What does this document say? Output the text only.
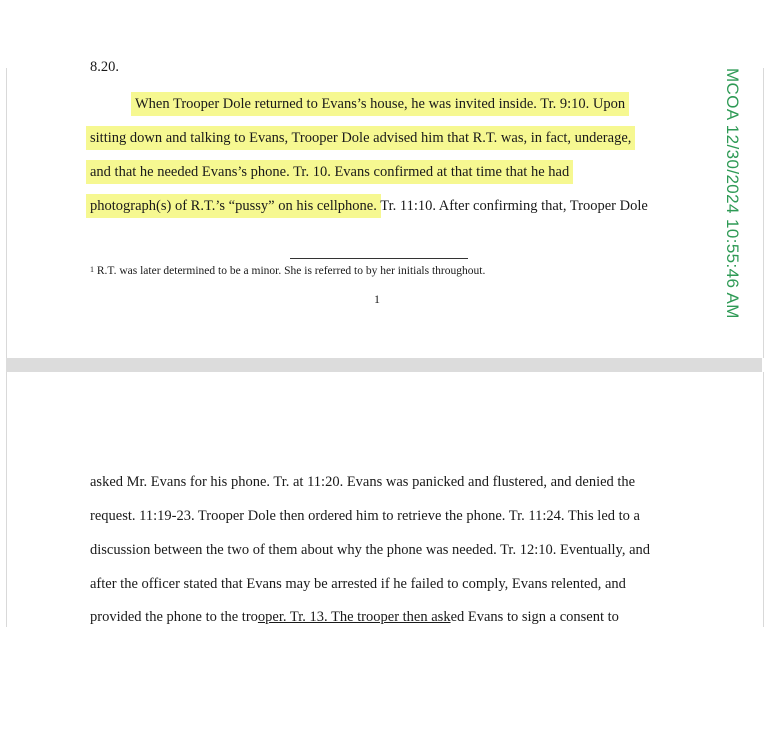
8.20.
When Trooper Dole returned to Evans’s house, he was invited inside. Tr. 9:10. Upon
sitting down and talking to Evans, Trooper Dole advised him that R.T. was, in fact, underage,
and that he needed Evans’s phone. Tr. 10. Evans confirmed at that time that he had
photograph(s) of R.T.’s “pussy” on his cellphone. Tr. 11:10. After confirming that, Trooper Dole
$^1$ R.T. was later determined to be a minor. She is referred to by her initials throughout.
1	MCOA 12/30/2024 10:55:46 AM
asked Mr. Evans for his phone. Tr. at 11:20. Evans was panicked and flustered, and denied the
request. 11:19-23. Trooper Dole then ordered him to retrieve the phone. Tr. 11:24. This led to a
discussion between the two of them about why the phone was needed. Tr. 12:10. Eventually, and
after the officer stated that Evans may be arrested if he failed to comply, Evans relented, and
provided the phone to the trooper. Tr. 13. The trooper then asked Evans to sign a consent to
